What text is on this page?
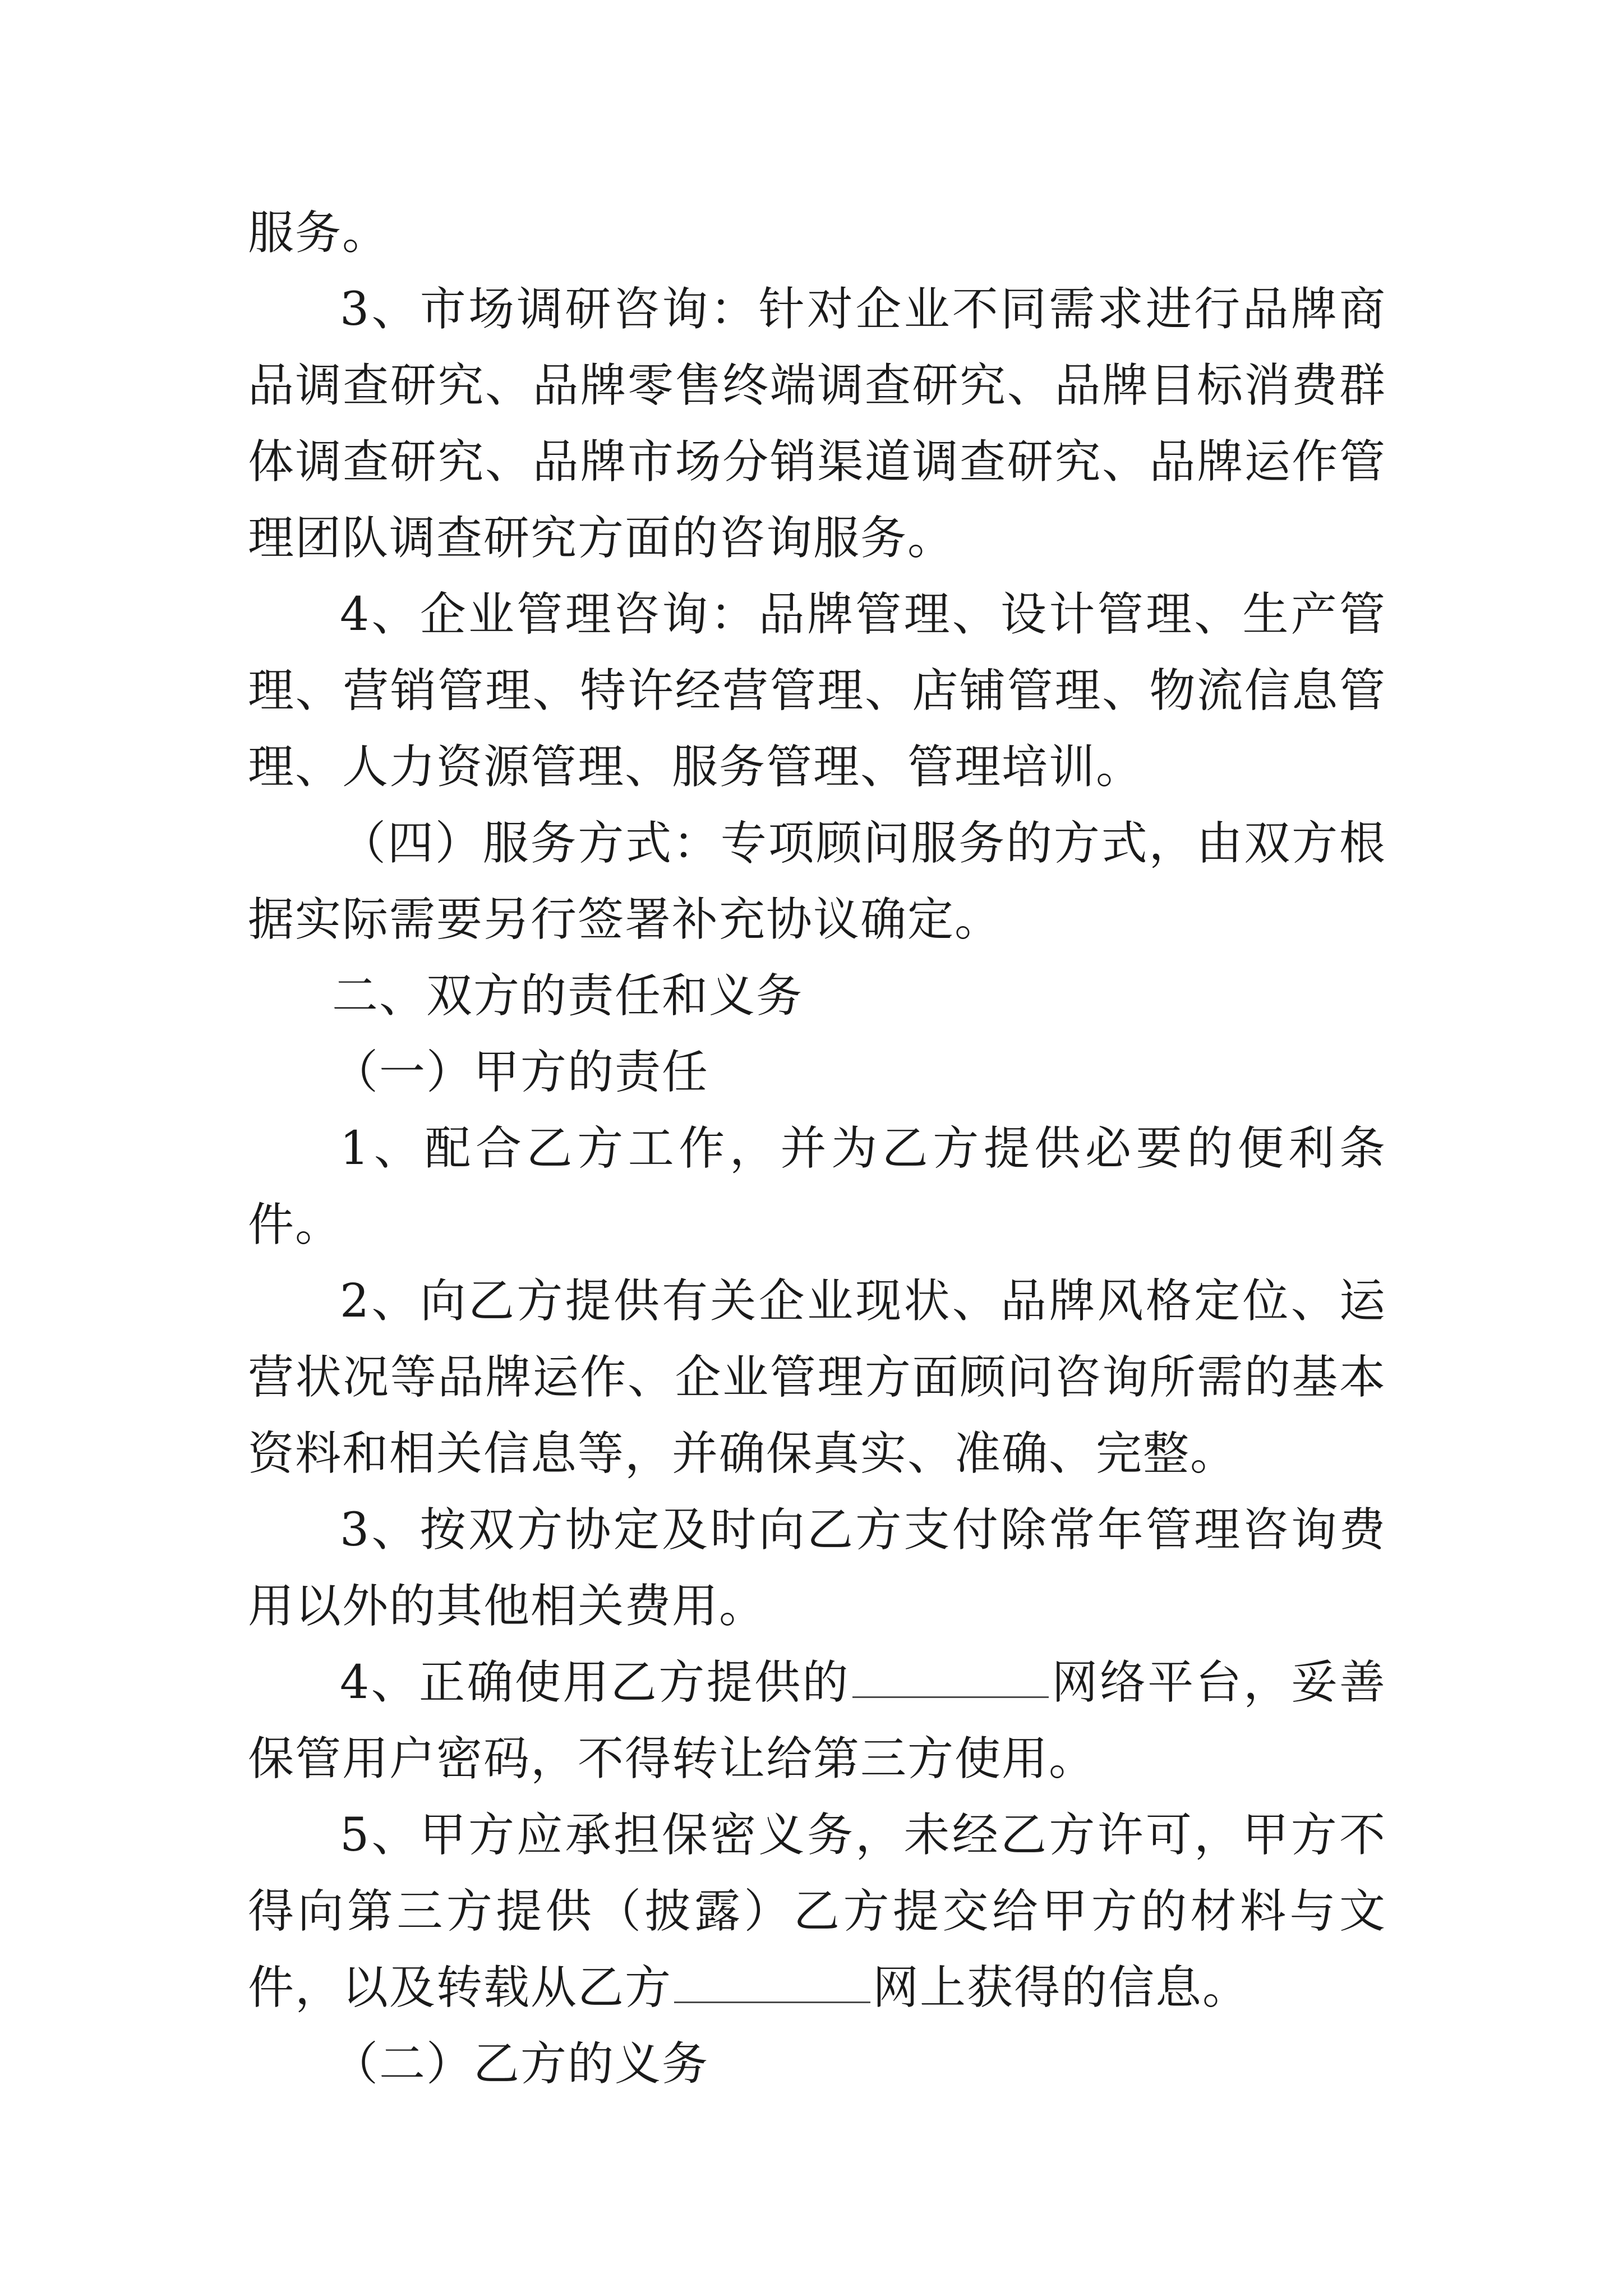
服务。

3、市场调研咨询：针对企业不同需求进行品牌商品调查研究、品牌零售终端调查研究、品牌目标消费群体调查研究、品牌市场分销渠道调查研究、品牌运作管理团队调查研究方面的咨询服务。

4、企业管理咨询：品牌管理、设计管理、生产管理、营销管理、特许经营管理、店铺管理、物流信息管理、人力资源管理、服务管理、管理培训。

（四）服务方式：专项顾问服务的方式，由双方根据实际需要另行签署补充协议确定。

二、双方的责任和义务

（一）甲方的责任

1、配合乙方工作，并为乙方提供必要的便利条件。

2、向乙方提供有关企业现状、品牌风格定位、运营状况等品牌运作、企业管理方面顾问咨询所需的基本资料和相关信息等，并确保真实、准确、完整。

3、按双方协定及时向乙方支付除常年管理咨询费用以外的其他相关费用。

4、正确使用乙方提供的	网络平台，妥善保管用户密码，不得转让给第三方使用。

5、甲方应承担保密义务，未经乙方许可，甲方不得向第三方提供（披露）乙方提交给甲方的材料与文件，以及转载从乙方	网上获得的信息。

（二）乙方的义务
